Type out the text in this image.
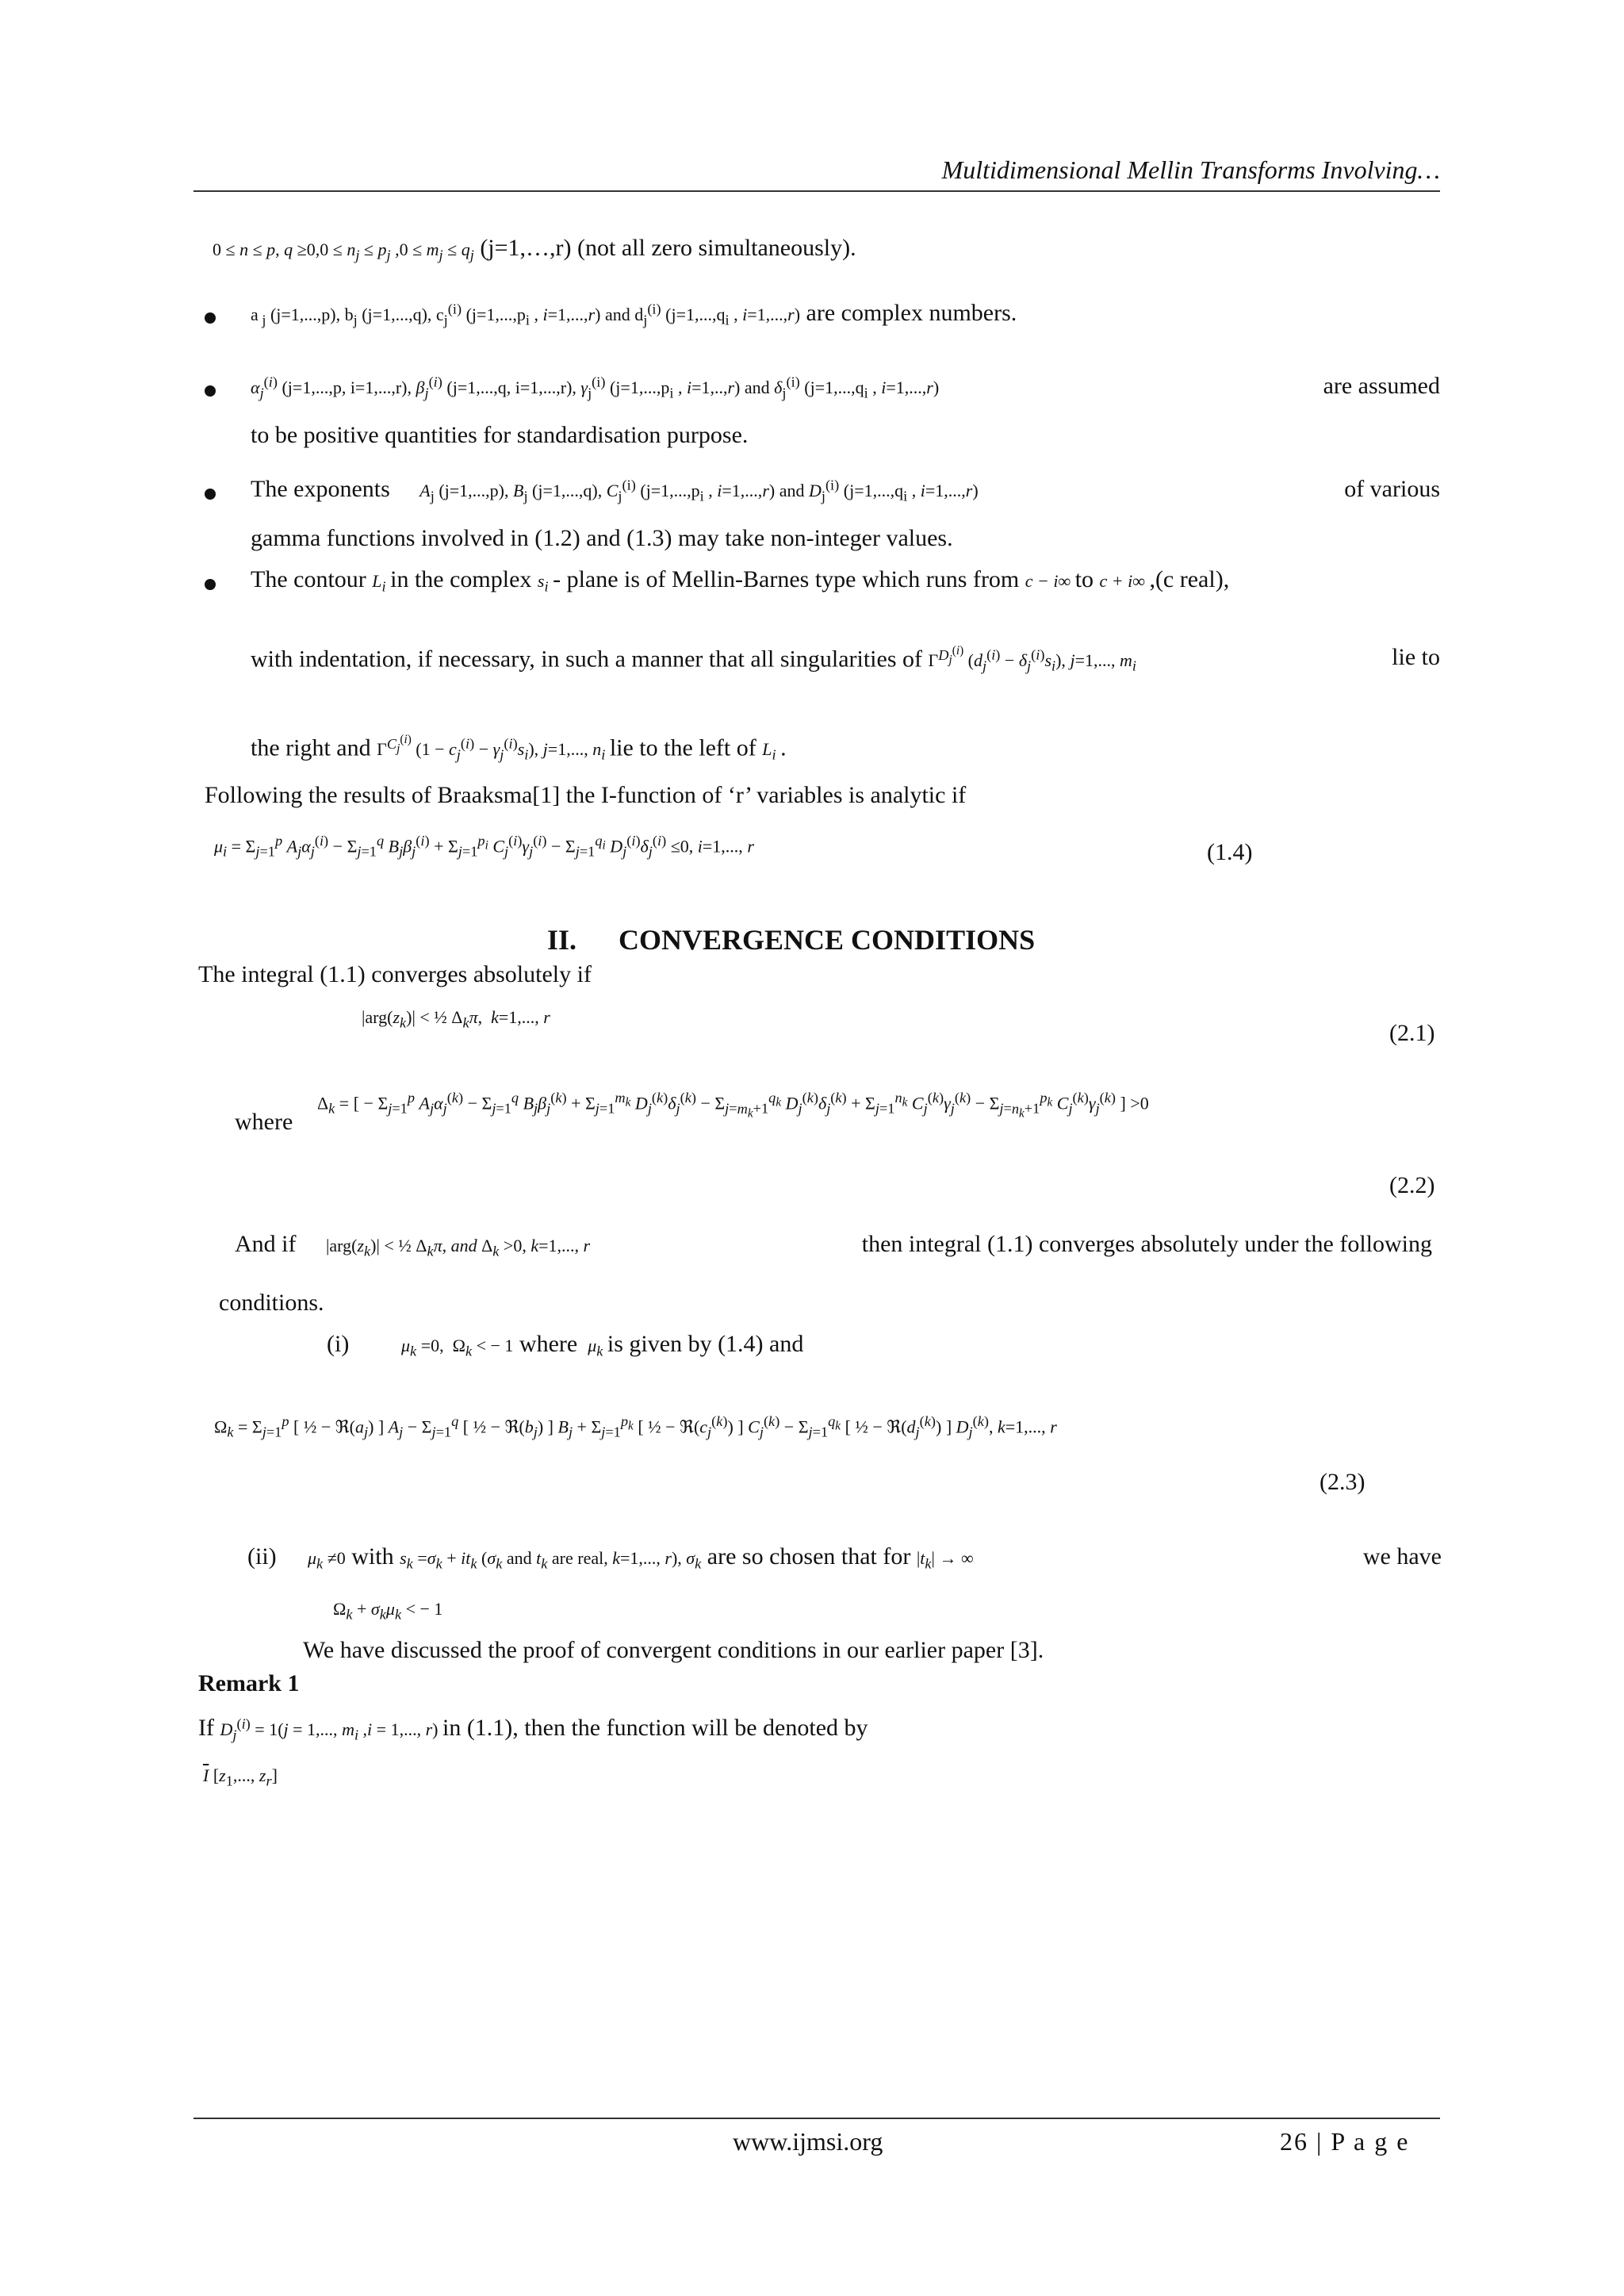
Multidimensional Mellin Transforms Involving…
0 ≤ n ≤ p, $q \ge 0,0 \le n_j \le p_j$ $,0 \le m_j \le q_j$ (j=1,…,r) (not all zero simultaneously).
a $_j$ (j=1,...,p), $b_j$ (j=1,...,q), $c_j^{(i)}$ ($j=1,...,p_i$ , i=1,...,r) and $d_j^{(i)}$ ($j=1,...,q_i$ , i=1,...,r) are complex numbers.
$\alpha_j^{(i)}$ (j=1,...,p, i=1,...,r), $\beta_j^{(i)}$ (j=1,...,q, i=1,...,r), $\gamma_j^{(i)}$ ($j=1,...,p_i$ , i=1,..,r) and $\delta_j^{(i)}$ ($j=1,...,q_i$ , i=1,...,r)	are assumed
to be positive quantities for standardisation purpose.
The exponents $A_j$ (j=1,...,p), $B_j$ (j=1,...,q), $C_j^{(i)}$ ($j=1,...,p_i$ , i=1,...,r) and $D_j^{(i)}$ ($j=1,...,q_i$ , i=1,...,r)	of various
gamma functions involved in (1.2) and (1.3) may take non-integer values.
The contour $L_i$ in the complex $s_i$ - plane is of Mellin-Barnes type which runs from c − i∞ to c + i∞ ,(c real),
with indentation, if necessary, in such a manner that all singularities of $\Gamma^{D_j^{(i)}}$ $(d_j^{(i)} - \delta_j^{(i)}s_i)$, j=1,..., $m_i$	lie to
the right and $\Gamma^{C_j^{(i)}}$ $(1 - c_j^{(i)} - \gamma_j^{(i)}s_i)$, j=1,..., $n_i$ lie to the left of $L_i$ .
Following the results of Braaksma[1] the I-function of ‘r’ variables is analytic if
$\mu_i = \Sigma_{j=1}^p$ $A_j\alpha_j^{(i)} - \Sigma_{j=1}^q$ $B_j\beta_j^{(i)} + \Sigma_{j=1}^{p_i}$ $C_j^{(i)}\gamma_j^{(i)} - \Sigma_{j=1}^{q_i}$ $D_j^{(i)}\delta_j^{(i)} \le 0$, i=1,..., r	(1.4)
II. CONVERGENCE CONDITIONS
The integral (1.1) converges absolutely if
$|arg(z_k)|$ < ½ $\Delta_k\pi$,  k=1,..., r
(2.1)
where
$\Delta_k$ = [ − $\Sigma_{j=1}^p$ $A_j\alpha_j^{(k)} - \Sigma_{j=1}^q$ $B_j\beta_j^{(k)} + \Sigma_{j=1}^{m_k}$ $D_j^{(k)}\delta_j^{(k)} - \Sigma_{j=m_k+1}^{q_k}$ $D_j^{(k)}\delta_j^{(k)} + \Sigma_{j=1}^{n_k}$ $C_j^{(k)}\gamma_j^{(k)} - \Sigma_{j=n_k+1}^{p_k}$ $C_j^{(k)}\gamma_j^{(k)}$ ] >0
(2.2)
And if $|arg(z_k)|$ < ½ $\Delta_k\pi$, and $\Delta_k >0$, k=1,..., r	then integral (1.1) converges absolutely under the following
conditions.
(i)	$\mu_k =0$,  $\Omega_k$ < − 1 where $\mu_k$ is given by (1.4) and
$\Omega_k = \Sigma_{j=1}^p$ [ ½ − $ℜ(a_j)$ ] $A_j - \Sigma_{j=1}^q$ [ ½ − $ℜ(b_j)$ ] $B_j + \Sigma_{j=1}^{p_k}$ [ ½ − $ℜ(c_j^{(k)})$ ] $C_j^{(k)} - \Sigma_{j=1}^{q_k}$ [ ½ − $ℜ(d_j^{(k)})$ ] $D_j^{(k)}$, k=1,..., r
(2.3)
(ii) $\mu_k \ne 0$ with $s_k =\sigma_k + it_k$ ($\sigma_k$ and $t_k$ are real, k=1,..., r), $\sigma_k$ are so chosen that for $|t_k|$ → ∞	we have
$\Omega_k + \sigma_k\mu_k$ < − 1
We have discussed the proof of convergent conditions in our earlier paper [3].
Remark 1
If $D_j^{(i)} = 1(j = 1$,..., $m_i$ ,i = 1,..., r) in (1.1), then the function will be denoted by
$\overline{I}$ [$z_1$,..., $z_r$]
www.ijmsi.org	26 | P a g e
